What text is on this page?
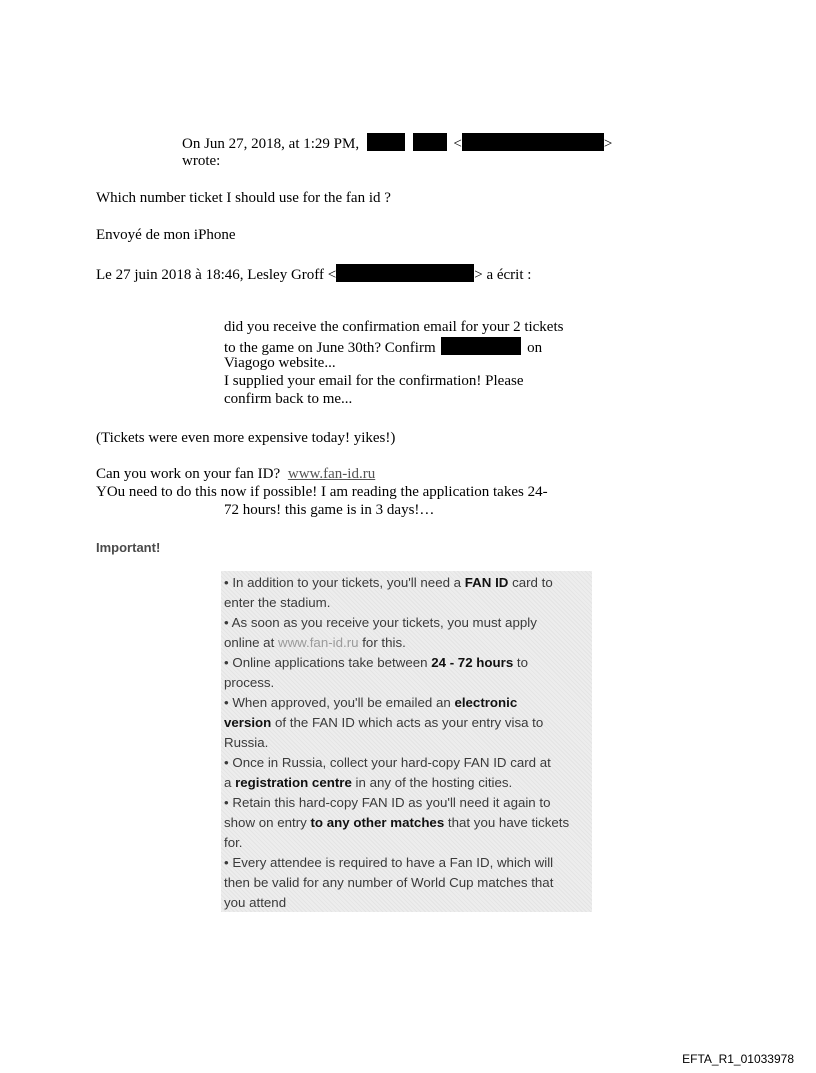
On Jun 27, 2018, at 1:29 PM,	<	>
wrote:
Which number ticket I should use for the fan id ?
Envoyé de mon iPhone
Le 27 juin 2018 à 18:46, Lesley Groff <	> a écrit :
did you receive the confirmation email for your 2 tickets
to the game on June 30th? Confirm	on
Viagogo website...
I supplied your email for the confirmation! Please
confirm back to me...
(Tickets were even more expensive today! yikes!)
Can you work on your fan ID? www.fan-id.ru
YOu need to do this now if possible! I am reading the application takes 24-
72 hours! this game is in 3 days!…
Important!
• In addition to your tickets, you'll need a FAN ID card to
enter the stadium.
• As soon as you receive your tickets, you must apply
online at www.fan-id.ru for this.
• Online applications take between 24 - 72 hours to
process.
• When approved, you'll be emailed an electronic
version of the FAN ID which acts as your entry visa to
Russia.
• Once in Russia, collect your hard-copy FAN ID card at
a registration centre in any of the hosting cities.
• Retain this hard-copy FAN ID as you'll need it again to
show on entry to any other matches that you have tickets
for.
• Every attendee is required to have a Fan ID, which will
then be valid for any number of World Cup matches that
you attend
EFTA_R1_01033978
